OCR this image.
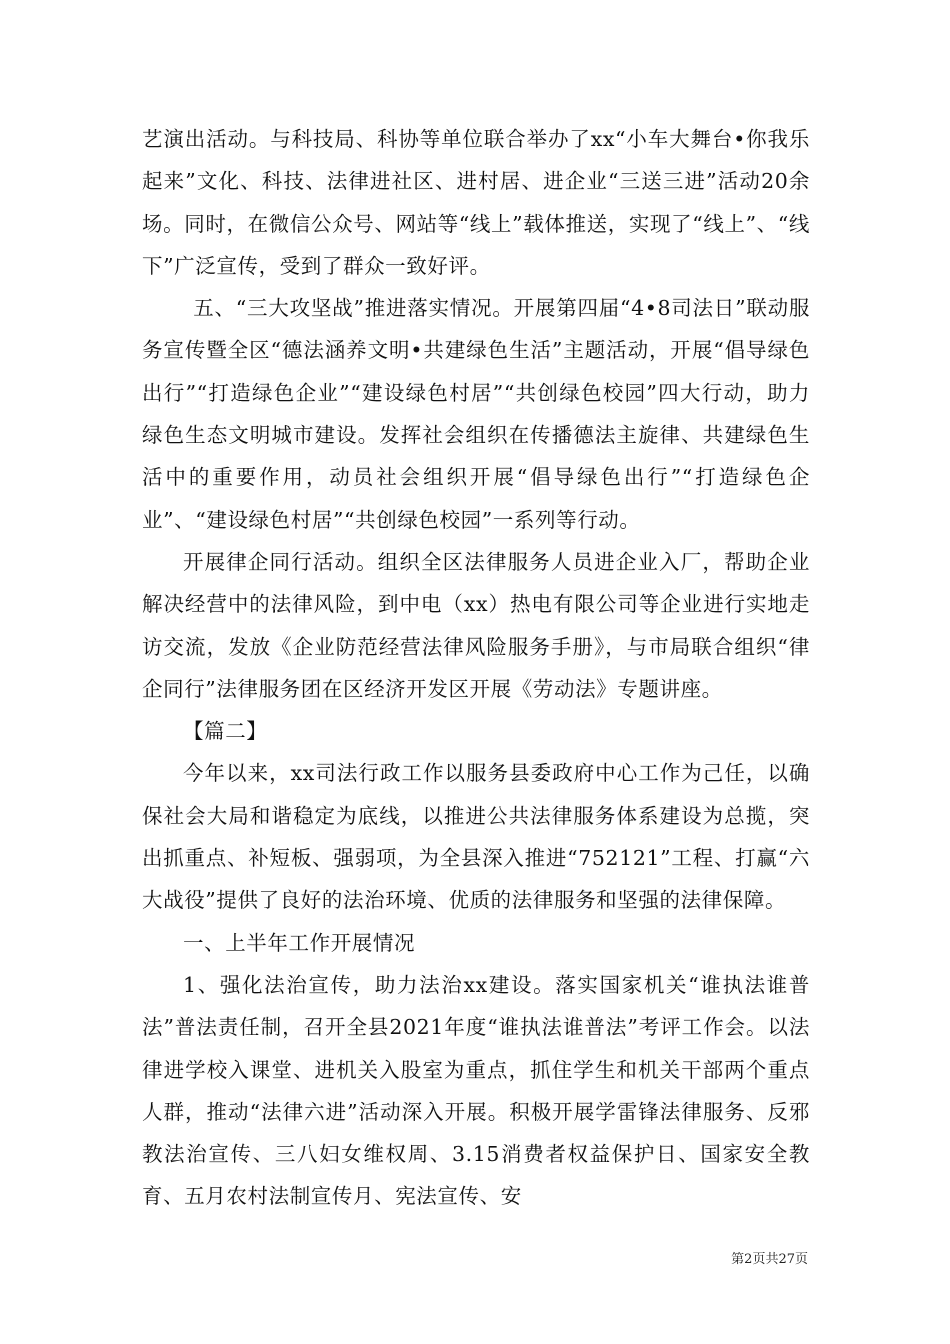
艺演出活动。与科技局、科协等单位联合举办了xx“小车大舞台•你我乐起来”文化、科技、法律进社区、进村居、进企业“三送三进”活动20余场。同时，在微信公众号、网站等“线上”载体推送，实现了“线上”、“线下”广泛宣传，受到了群众一致好评。

五、“三大攻坚战”推进落实情况。开展第四届“4•8司法日”联动服务宣传暨全区“德法涵养文明•共建绿色生活”主题活动，开展“倡导绿色出行”“打造绿色企业”“建设绿色村居”“共创绿色校园”四大行动，助力绿色生态文明城市建设。发挥社会组织在传播德法主旋律、共建绿色生活中的重要作用，动员社会组织开展“倡导绿色出行”“打造绿色企业”、“建设绿色村居”“共创绿色校园”一系列等行动。

开展律企同行活动。组织全区法律服务人员进企业入厂，帮助企业解决经营中的法律风险，到中电（xx）热电有限公司等企业进行实地走访交流，发放《企业防范经营法律风险服务手册》，与市局联合组织“律企同行”法律服务团在区经济开发区开展《劳动法》专题讲座。

【篇二】

今年以来，xx司法行政工作以服务县委政府中心工作为己任，以确保社会大局和谐稳定为底线，以推进公共法律服务体系建设为总揽，突出抓重点、补短板、强弱项，为全县深入推进“752121”工程、打赢“六大战役”提供了良好的法治环境、优质的法律服务和坚强的法律保障。

一、上半年工作开展情况

1、强化法治宣传，助力法治xx建设。落实国家机关“谁执法谁普法”普法责任制，召开全县2021年度“谁执法谁普法”考评工作会。以法律进学校入课堂、进机关入股室为重点，抓住学生和机关干部两个重点人群，推动“法律六进”活动深入开展。积极开展学雷锋法律服务、反邪教法治宣传、三八妇女维权周、3.15消费者权益保护日、国家安全教育、五月农村法制宣传月、宪法宣传、安

第2页共27页
